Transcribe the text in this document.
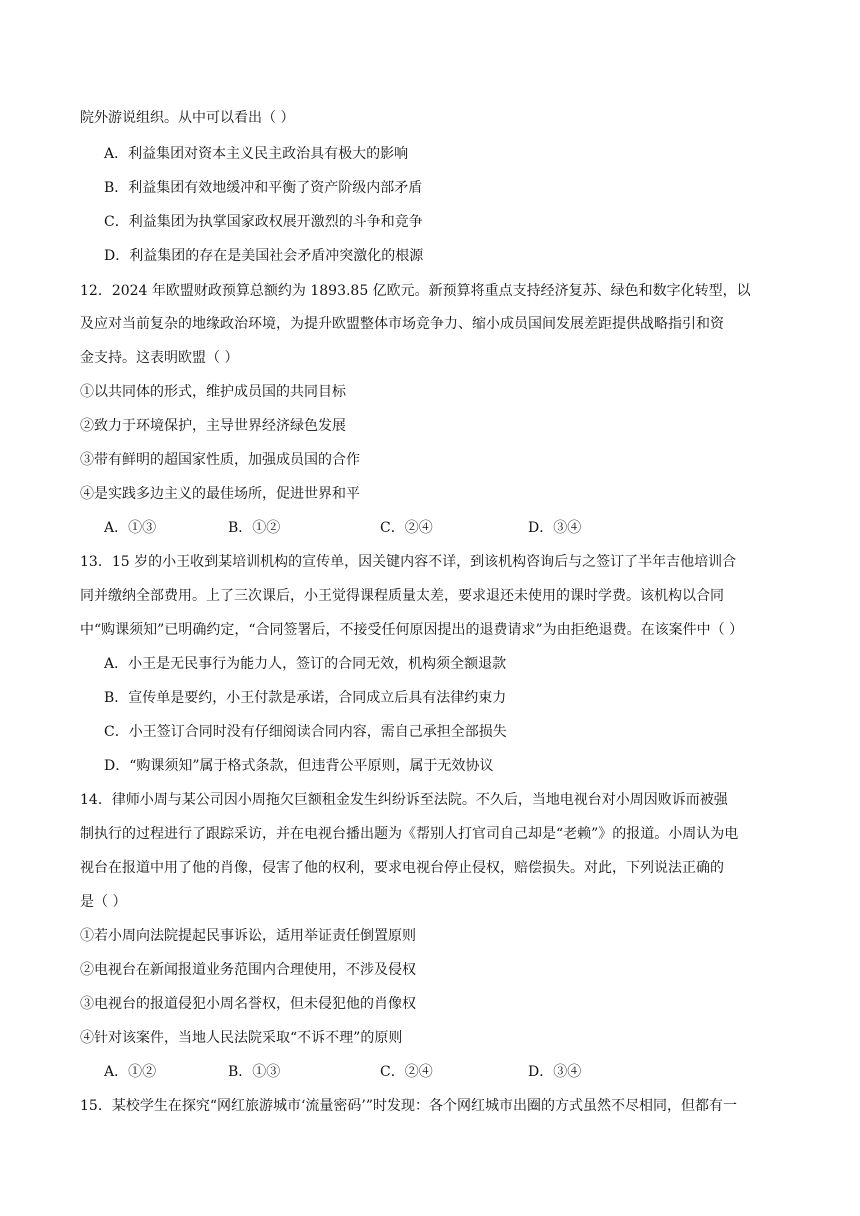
院外游说组织。从中可以看出（ ）
A．利益集团对资本主义民主政治具有极大的影响
B．利益集团有效地缓冲和平衡了资产阶级内部矛盾
C．利益集团为执掌国家政权展开激烈的斗争和竞争
D．利益集团的存在是美国社会矛盾冲突激化的根源
12．2024 年欧盟财政预算总额约为 1893.85 亿欧元。新预算将重点支持经济复苏、绿色和数字化转型，以
及应对当前复杂的地缘政治环境，为提升欧盟整体市场竞争力、缩小成员国间发展差距提供战略指引和资
金支持。这表明欧盟（ ）
①以共同体的形式，维护成员国的共同目标
②致力于环境保护，主导世界经济绿色发展
③带有鲜明的超国家性质，加强成员国的合作
④是实践多边主义的最佳场所，促进世界和平
A．①③	B．①②	C．②④	D．③④
13．15 岁的小王收到某培训机构的宣传单，因关键内容不详，到该机构咨询后与之签订了半年吉他培训合
同并缴纳全部费用。上了三次课后，小王觉得课程质量太差，要求退还未使用的课时学费。该机构以合同
中“购课须知”已明确约定，“合同签署后，不接受任何原因提出的退费请求”为由拒绝退费。在该案件中（ ）
A．小王是无民事行为能力人，签订的合同无效，机构须全额退款
B．宣传单是要约，小王付款是承诺，合同成立后具有法律约束力
C．小王签订合同时没有仔细阅读合同内容，需自己承担全部损失
D．“购课须知”属于格式条款，但违背公平原则，属于无效协议
14．律师小周与某公司因小周拖欠巨额租金发生纠纷诉至法院。不久后，当地电视台对小周因败诉而被强
制执行的过程进行了跟踪采访，并在电视台播出题为《帮别人打官司自己却是“老赖”》的报道。小周认为电
视台在报道中用了他的肖像，侵害了他的权利，要求电视台停止侵权，赔偿损失。对此，下列说法正确的
是（ ）
①若小周向法院提起民事诉讼，适用举证责任倒置原则
②电视台在新闻报道业务范围内合理使用，不涉及侵权
③电视台的报道侵犯小周名誉权，但未侵犯他的肖像权
④针对该案件，当地人民法院采取“不诉不理”的原则
A．①②	B．①③	C．②④	D．③④
15．某校学生在探究“网红旅游城市‘流量密码’”时发现：各个网红城市出圈的方式虽然不尽相同，但都有一
